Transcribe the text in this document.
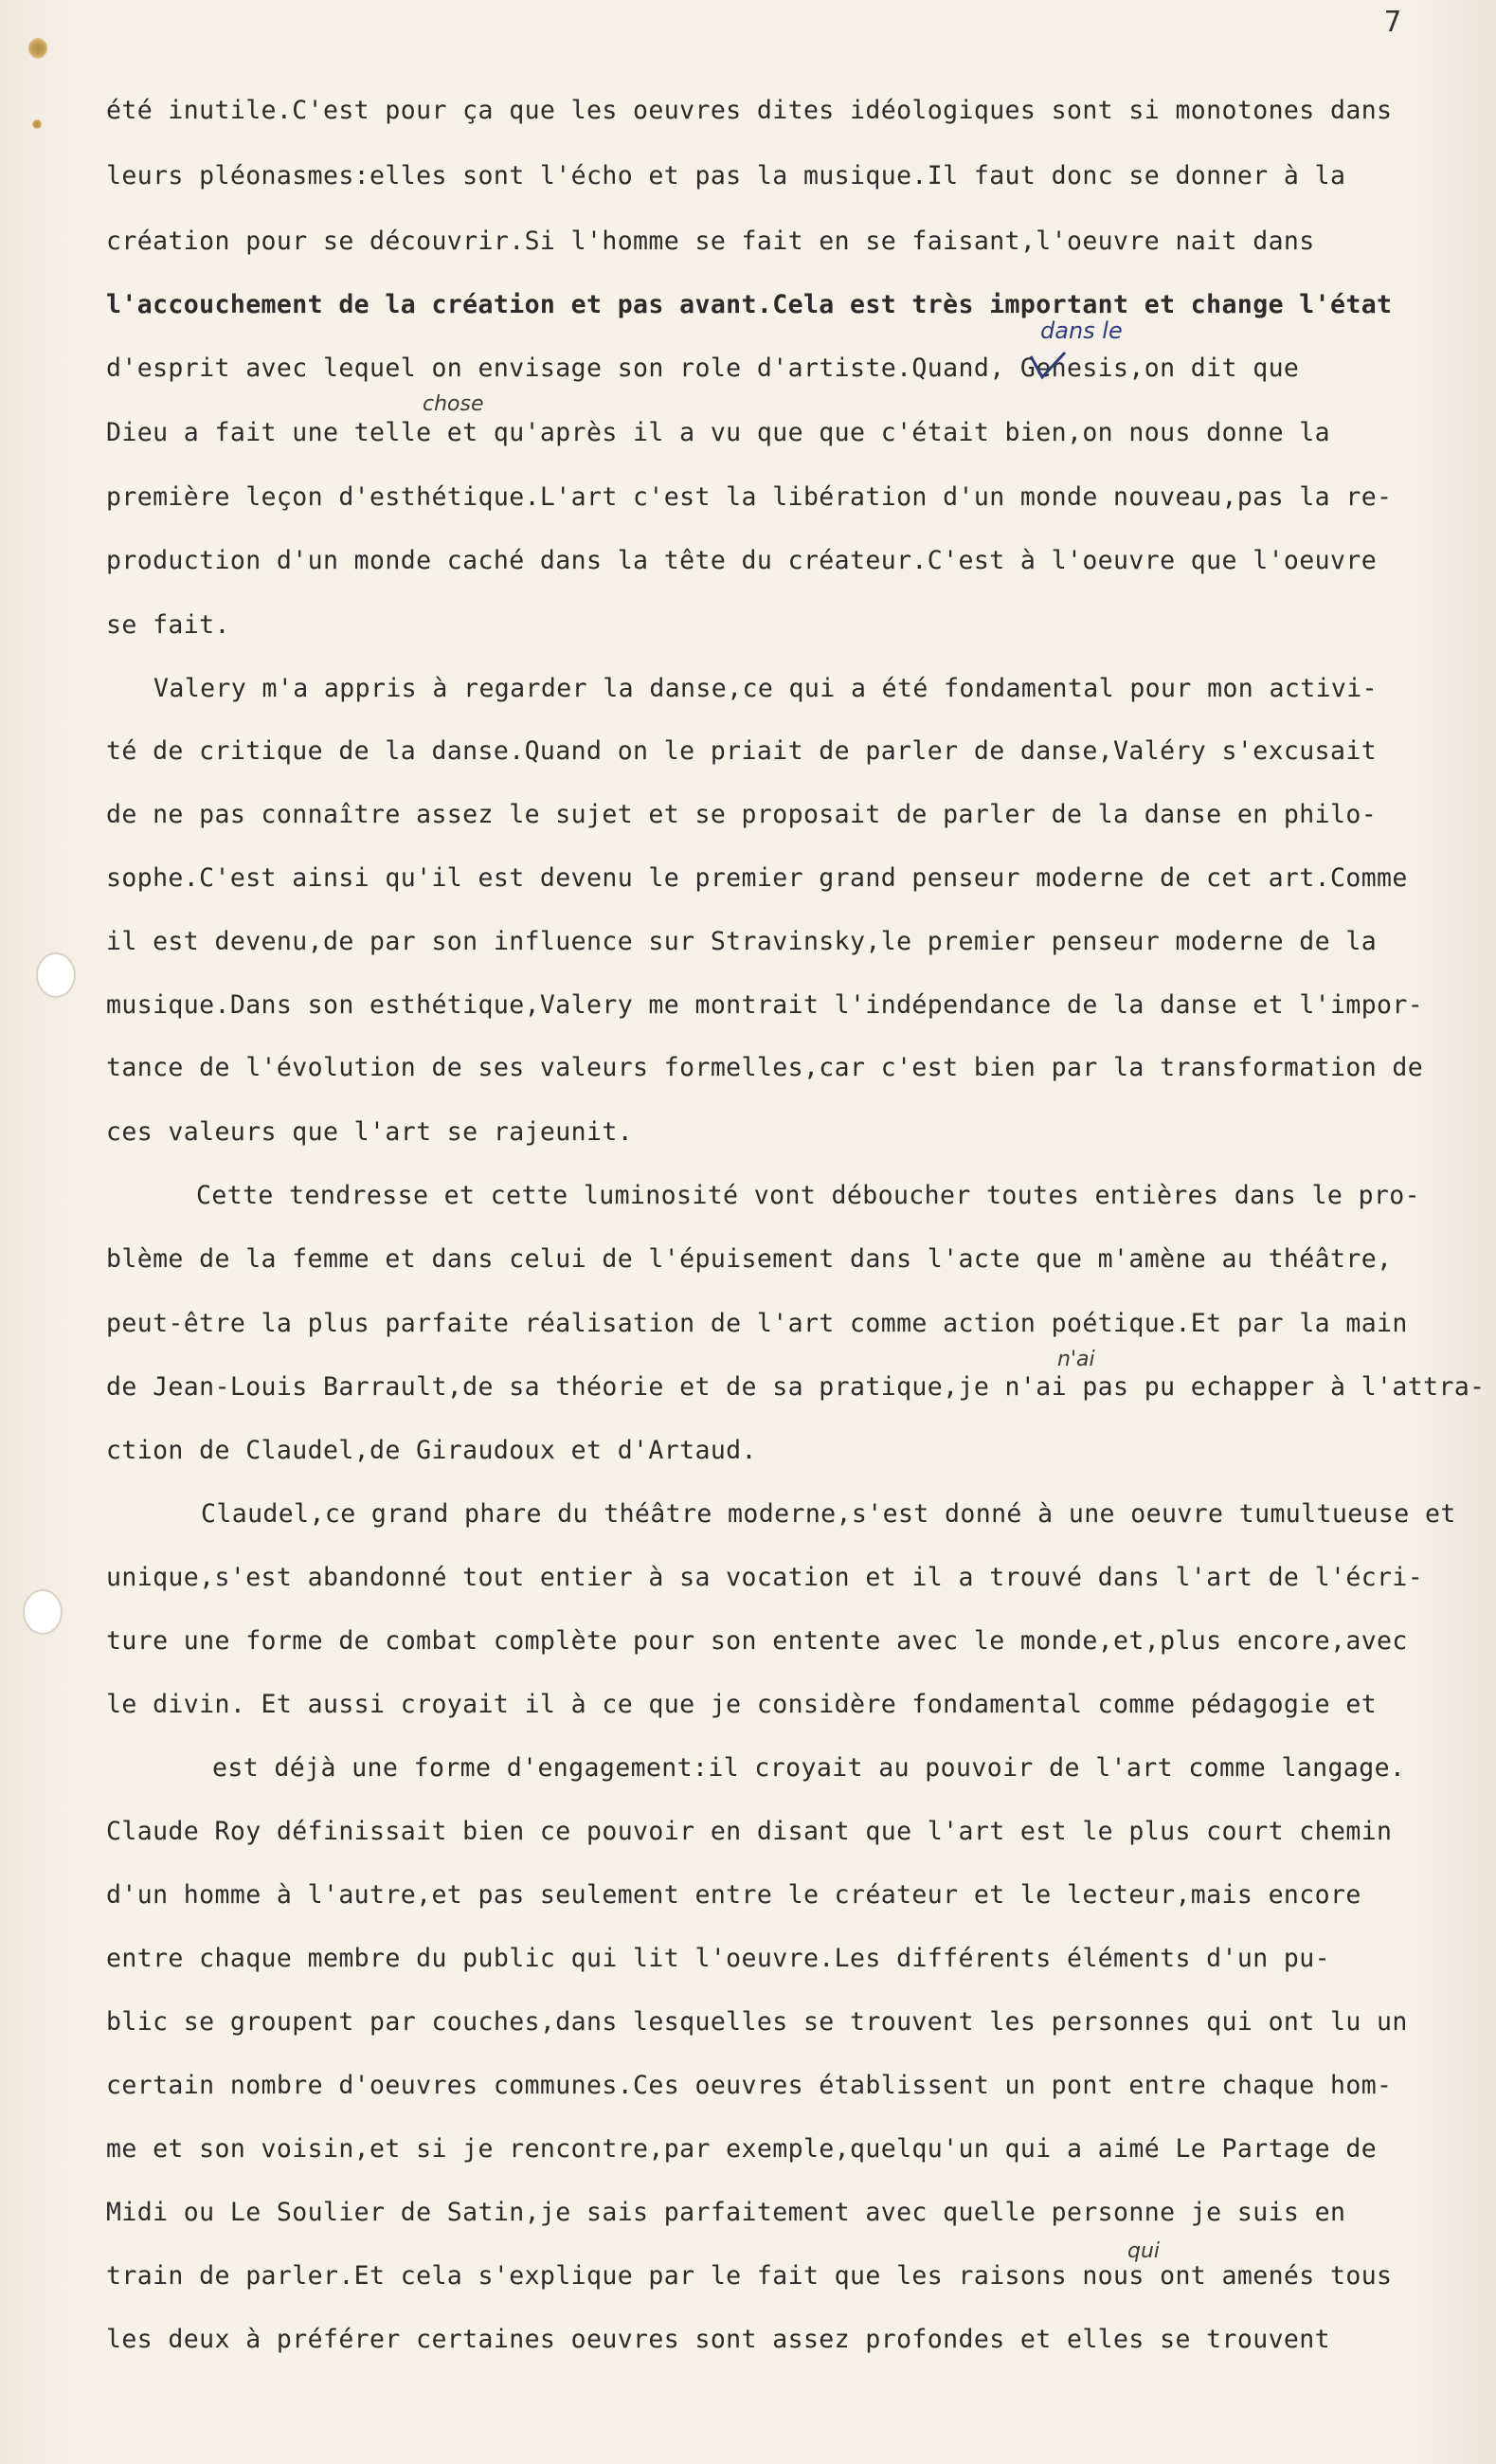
7
été inutile.C'est pour ça que les oeuvres dites idéologiques sont si monotones dans
leurs pléonasmes:elles sont l'écho et pas la musique.Il faut donc se donner à la
création pour se découvrir.Si l'homme se fait en se faisant,l'oeuvre nait dans
l'accouchement de la création et pas avant.Cela est très important et change l'état
d'esprit avec lequel on envisage son role d'artiste.Quand, Genesis,on dit que
Dieu a fait une telle et qu'après il a vu que que c'était bien,on nous donne la
première leçon d'esthétique.L'art c'est la libération d'un monde nouveau,pas la re-
production d'un monde caché dans la tête du créateur.C'est à l'oeuvre que l'oeuvre
se fait.
Valery m'a appris à regarder la danse,ce qui a été fondamental pour mon activi-
té de critique de la danse.Quand on le priait de parler de danse,Valéry s'excusait
de ne pas connaître assez le sujet et se proposait de parler de la danse en philo-
sophe.C'est ainsi qu'il est devenu le premier grand penseur moderne de cet art.Comme
il est devenu,de par son influence sur Stravinsky,le premier penseur moderne de la
musique.Dans son esthétique,Valery me montrait l'indépendance de la danse et l'impor-
tance de l'évolution de ses valeurs formelles,car c'est bien par la transformation de
ces valeurs que l'art se rajeunit.
Cette tendresse et cette luminosité vont déboucher toutes entières dans le pro-
blème de la femme et dans celui de l'épuisement dans l'acte que m'amène au théâtre,
peut-être la plus parfaite réalisation de l'art comme action poétique.Et par la main
de Jean-Louis Barrault,de sa théorie et de sa pratique,je n'ai pas pu echapper à l'attra-
ction de Claudel,de Giraudoux et d'Artaud.
Claudel,ce grand phare du théâtre moderne,s'est donné à une oeuvre tumultueuse et
unique,s'est abandonné tout entier à sa vocation et il a trouvé dans l'art de l'écri-
ture une forme de combat complète pour son entente avec le monde,et,plus encore,avec
le divin. Et aussi croyait il à ce que je considère fondamental comme pédagogie et
est déjà une forme d'engagement:il croyait au pouvoir de l'art comme langage.
Claude Roy définissait bien ce pouvoir en disant que l'art est le plus court chemin
d'un homme à l'autre,et pas seulement entre le créateur et le lecteur,mais encore
entre chaque membre du public qui lit l'oeuvre.Les différents éléments d'un pu-
blic se groupent par couches,dans lesquelles se trouvent les personnes qui ont lu un
certain nombre d'oeuvres communes.Ces oeuvres établissent un pont entre chaque hom-
me et son voisin,et si je rencontre,par exemple,quelqu'un qui a aimé Le Partage de
Midi ou Le Soulier de Satin,je sais parfaitement avec quelle personne je suis en
train de parler.Et cela s'explique par le fait que les raisons nous ont amenés tous
les deux à préférer certaines oeuvres sont assez profondes et elles se trouvent
dans le
chose
n'ai
qui
